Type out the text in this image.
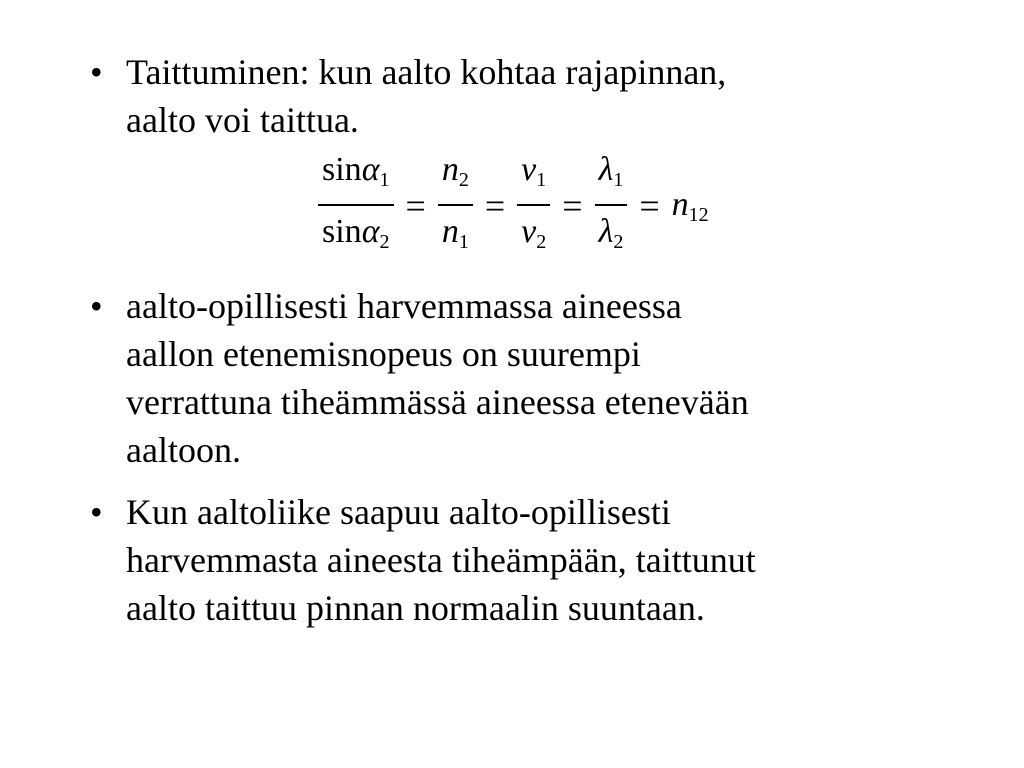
• Taittuminen: kun aalto kohtaa rajapinnan,
aalto voi taittua.
$\frac{\sin\alpha_1}{\sin\alpha_2} = \frac{n_2}{n_1} = \frac{v_1}{v_2} = \frac{\lambda_1}{\lambda_2} = n_{12}$
• aalto-opillisesti harvemmassa aineessa
aallon etenemisnopeus on suurempi
verrattuna tiheämmässä aineessa etenevään
aaltoon.
• Kun aaltoliike saapuu aalto-opillisesti
harvemmasta aineesta tiheämpään, taittunut
aalto taittuu pinnan normaalin suuntaan.
